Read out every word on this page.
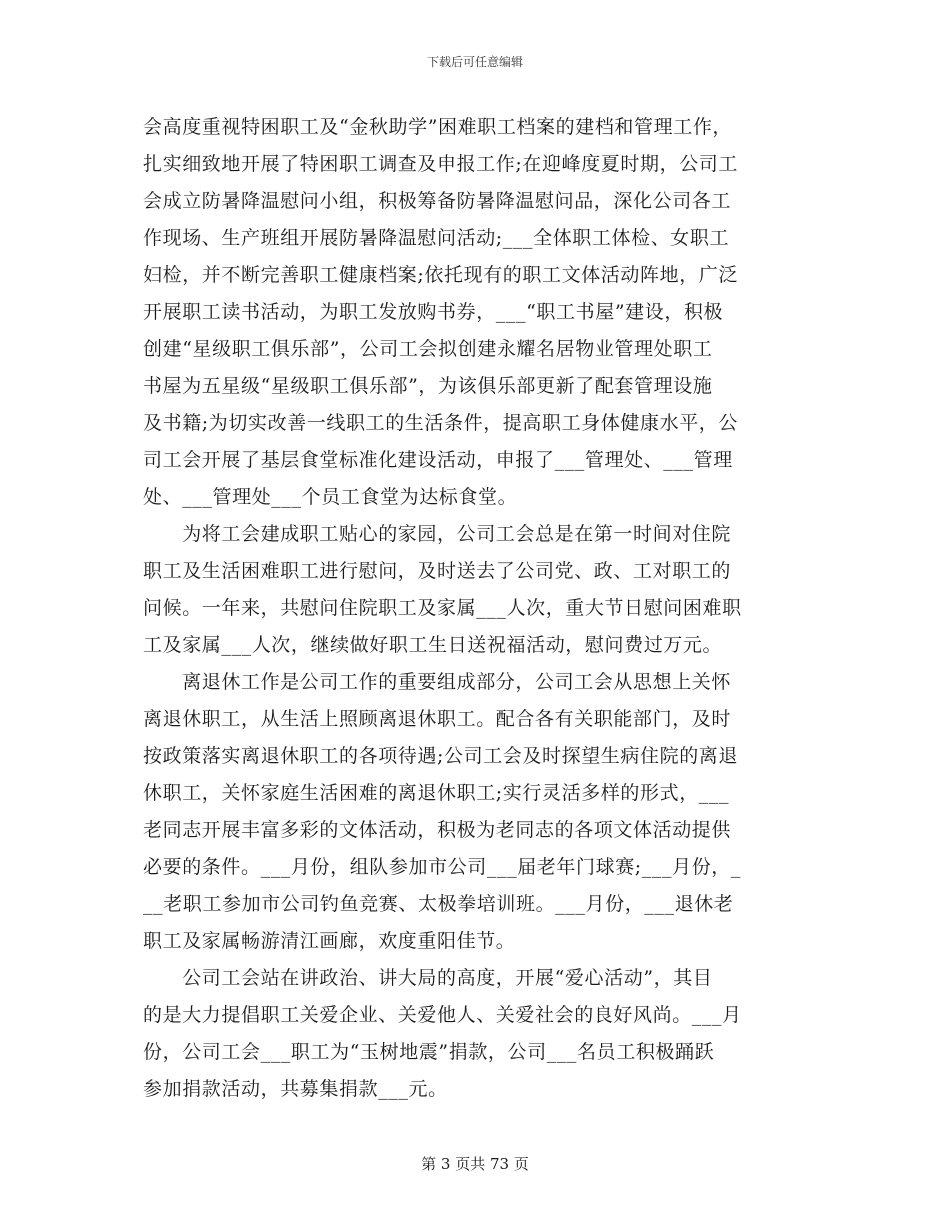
下载后可任意编辑
会高度重视特困职工及“金秋助学”困难职工档案的建档和管理工作，
扎实细致地开展了特困职工调查及申报工作;在迎峰度夏时期，公司工
会成立防暑降温慰问小组，积极筹备防暑降温慰问品，深化公司各工
作现场、生产班组开展防暑降温慰问活动;___全体职工体检、女职工
妇检，并不断完善职工健康档案;依托现有的职工文体活动阵地，广泛
开展职工读书活动，为职工发放购书券，___“职工书屋”建设，积极
创建“星级职工俱乐部”，公司工会拟创建永耀名居物业管理处职工
书屋为五星级“星级职工俱乐部”，为该俱乐部更新了配套管理设施
及书籍;为切实改善一线职工的生活条件，提高职工身体健康水平，公
司工会开展了基层食堂标准化建设活动，申报了___管理处、___管理
处、___管理处___个员工食堂为达标食堂。
　　为将工会建成职工贴心的家园，公司工会总是在第一时间对住院
职工及生活困难职工进行慰问，及时送去了公司党、政、工对职工的
问候。一年来，共慰问住院职工及家属___人次，重大节日慰问困难职
工及家属___人次，继续做好职工生日送祝福活动，慰问费过万元。
　　离退休工作是公司工作的重要组成部分，公司工会从思想上关怀
离退休职工，从生活上照顾离退休职工。配合各有关职能部门，及时
按政策落实离退休职工的各项待遇;公司工会及时探望生病住院的离退
休职工，关怀家庭生活困难的离退休职工;实行灵活多样的形式，___
老同志开展丰富多彩的文体活动，积极为老同志的各项文体活动提供
必要的条件。___月份，组队参加市公司___届老年门球赛;___月份，_
__老职工参加市公司钓鱼竞赛、太极拳培训班。___月份，___退休老
职工及家属畅游清江画廊，欢度重阳佳节。
　　公司工会站在讲政治、讲大局的高度，开展“爱心活动”，其目
的是大力提倡职工关爱企业、关爱他人、关爱社会的良好风尚。___月
份，公司工会___职工为“玉树地震”捐款，公司___名员工积极踊跃
参加捐款活动，共募集捐款___元。
第 3 页共 73 页
